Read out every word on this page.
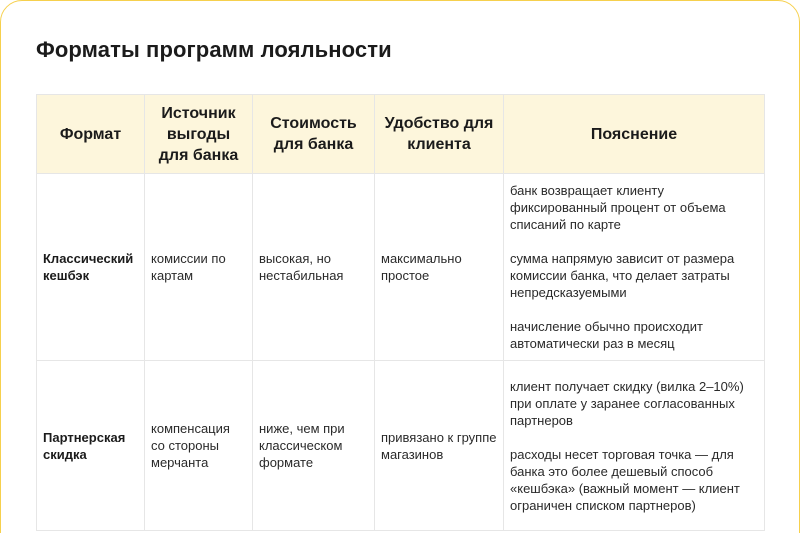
Форматы программ лояльности
Формат	Источник выгоды для банка	Стоимость для банка	Удобство для клиента	Пояснение
Классический кешбэк	комиссии по картам	высокая, но нестабильная	максимально простое	банк возвращает клиенту фиксированный процент от объема списаний по карте

сумма напрямую зависит от размера комиссии банка, что делает затраты непредсказуемыми

начисление обычно происходит автоматически раз в месяц

Партнерская скидка	компенсация со стороны мерчанта	ниже, чем при классическом формате	привязано к группе магазинов	клиент получает скидку (вилка 2–10%) при оплате у заранее согласованных партнеров

расходы несет торговая точка — для банка это более дешевый способ «кешбэка» (важный момент — клиент ограничен списком партнеров)
